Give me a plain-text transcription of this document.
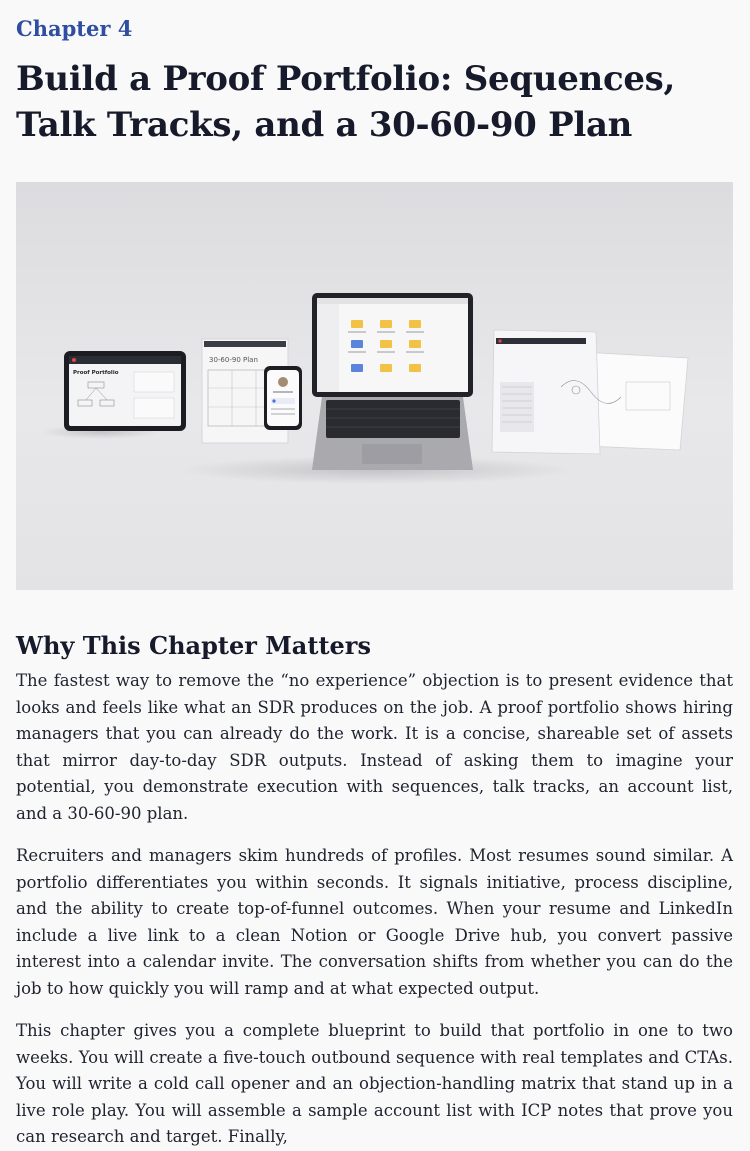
Chapter 4

Build a Proof Portfolio: Sequences, Talk Tracks, and a 30-60-90 Plan
30-60-90 Plan
Proof Portfolio
Why This Chapter Matters

The fastest way to remove the “no experience” objection is to present evidence that looks and feels like what an SDR produces on the job. A proof portfolio shows hiring managers that you can already do the work. It is a concise, shareable set of assets that mirror day-to-day SDR outputs. Instead of asking them to imagine your potential, you demonstrate execution with sequences, talk tracks, an account list, and a 30-60-90 plan.

Recruiters and managers skim hundreds of profiles. Most resumes sound similar. A portfolio differentiates you within seconds. It signals initiative, process discipline, and the ability to create top-of-funnel outcomes. When your resume and LinkedIn include a live link to a clean Notion or Google Drive hub, you convert passive interest into a calendar invite. The conversation shifts from whether you can do the job to how quickly you will ramp and at what expected output.

This chapter gives you a complete blueprint to build that portfolio in one to two weeks. You will create a five-touch outbound sequence with real templates and CTAs. You will write a cold call opener and an objection-handling matrix that stand up in a live role play. You will assemble a sample account list with ICP notes that prove you can research and target. Finally,
